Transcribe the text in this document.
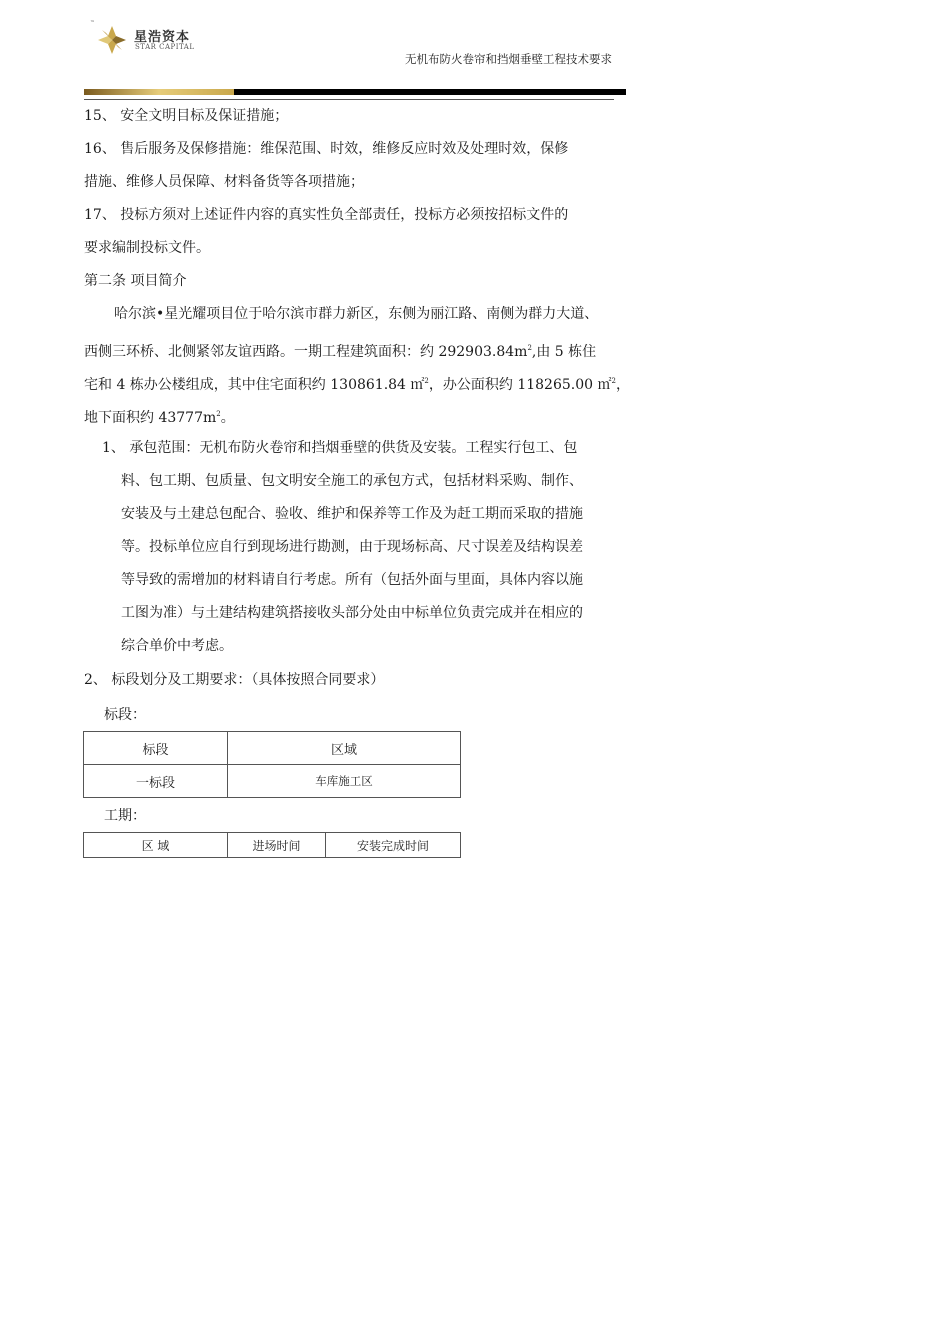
™
星浩资本
STAR CAPITAL
无机布防火卷帘和挡烟垂壁工程技术要求
15、 安全文明目标及保证措施；
16、 售后服务及保修措施：维保范围、时效，维修反应时效及处理时效，保修
措施、维修人员保障、材料备货等各项措施；
17、 投标方须对上述证件内容的真实性负全部责任，投标方必须按招标文件的
要求编制投标文件。
第二条 项目简介
哈尔滨•星光耀项目位于哈尔滨市群力新区，东侧为丽江路、南侧为群力大道、
西侧三环桥、北侧紧邻友谊西路。一期工程建筑面积：约 $292903.84m^2$,由 5 栋住
宅和 4 栋办公楼组成，其中住宅面积约 130861.84 ㎡$^2$，办公面积约 118265.00 ㎡$^2$，
地下面积约 $43777m^2$。
1、 承包范围：无机布防火卷帘和挡烟垂壁的供货及安装。工程实行包工、包
料、包工期、包质量、包文明安全施工的承包方式，包括材料采购、制作、
安装及与土建总包配合、验收、维护和保养等工作及为赶工期而采取的措施
等。投标单位应自行到现场进行勘测，由于现场标高、尺寸误差及结构误差
等导致的需增加的材料请自行考虑。所有（包括外面与里面，具体内容以施
工图为准）与土建结构建筑搭接收头部分处由中标单位负责完成并在相应的
综合单价中考虑。
2、 标段划分及工期要求：（具体按照合同要求）
标段：
标段	区域
一标段	车库施工区
工期：
区 域	进场时间	安装完成时间
